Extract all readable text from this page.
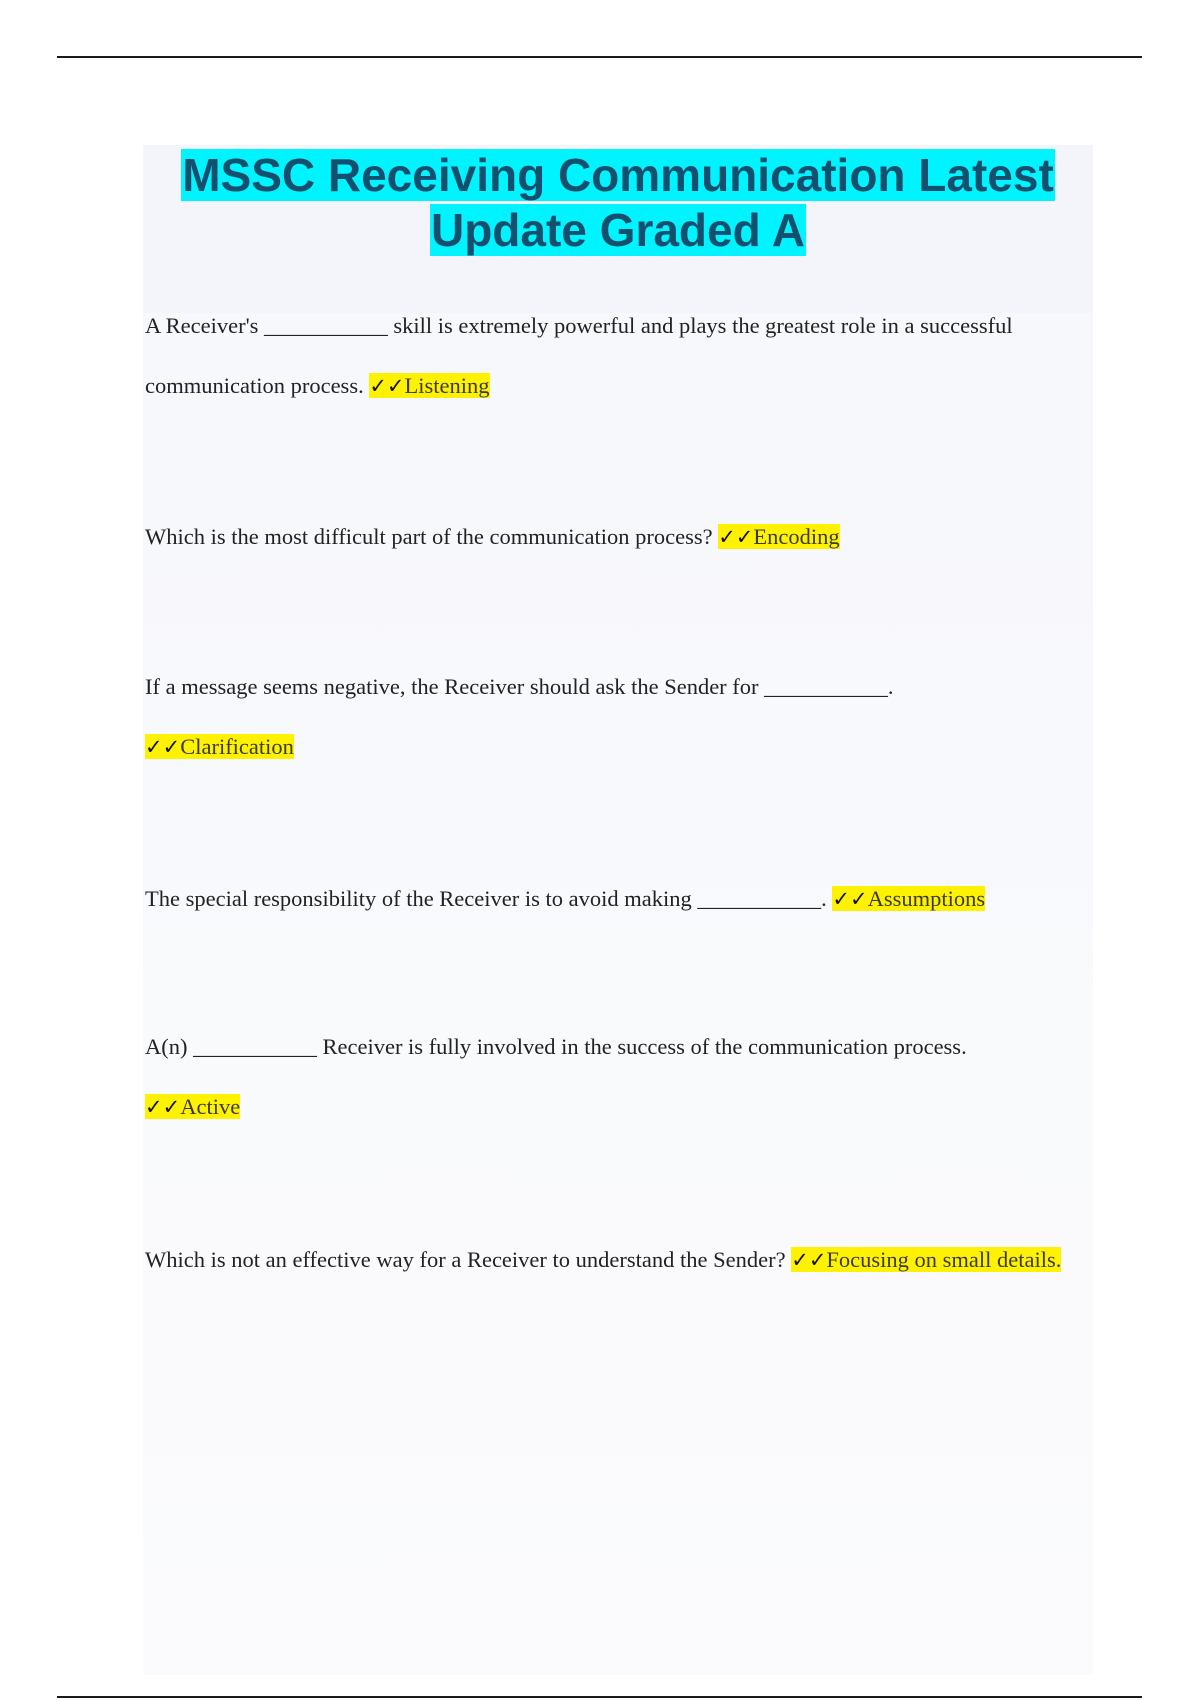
MSSC Receiving Communication Latest
Update Graded A

A Receiver's ___________ skill is extremely powerful and plays the greatest role in a successful communication process. ✓✓Listening

Which is the most difficult part of the communication process? ✓✓Encoding

If a message seems negative, the Receiver should ask the Sender for ___________.
✓✓Clarification

The special responsibility of the Receiver is to avoid making ___________. ✓✓Assumptions

A(n) ___________ Receiver is fully involved in the success of the communication process.
✓✓Active

Which is not an effective way for a Receiver to understand the Sender? ✓✓Focusing on small details.
